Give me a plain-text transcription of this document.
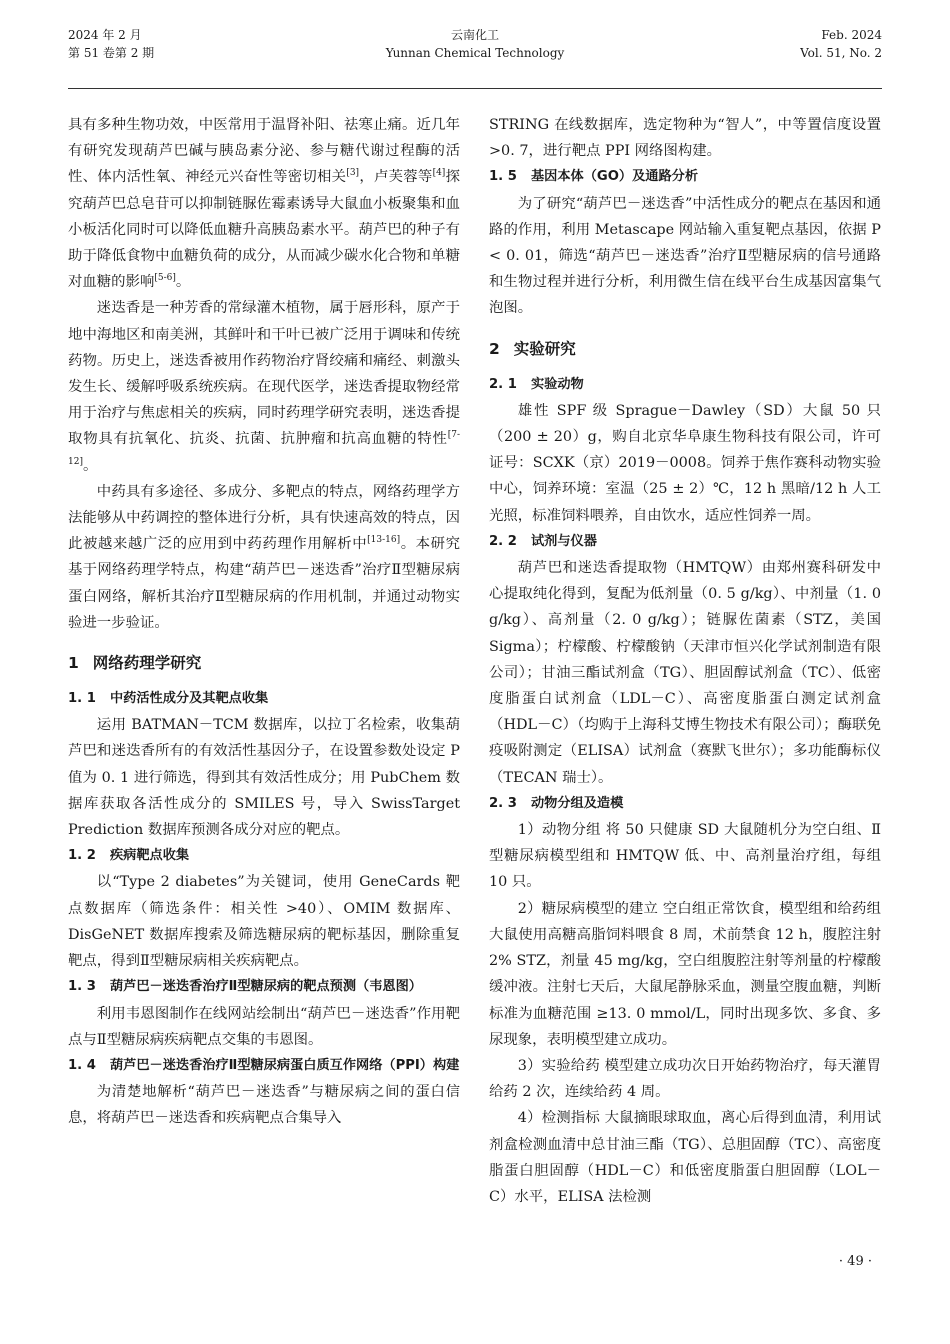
2024 年 2 月
第 51 卷第 2 期
云南化工
Yunnan Chemical Technology
Feb. 2024
Vol. 51, No. 2

具有多种生物功效，中医常用于温肾补阳、祛寒止痛。近几年有研究发现葫芦巴碱与胰岛素分泌、参与糖代谢过程酶的活性、体内活性氧、神经元兴奋性等密切相关[3]，卢芙蓉等[4]探究葫芦巴总皂苷可以抑制链脲佐霉素诱导大鼠血小板聚集和血小板活化同时可以降低血糖升高胰岛素水平。葫芦巴的种子有助于降低食物中血糖负荷的成分，从而减少碳水化合物和单糖对血糖的影响[5-6]。

迷迭香是一种芳香的常绿灌木植物，属于唇形科，原产于地中海地区和南美洲，其鲜叶和干叶已被广泛用于调味和传统药物。历史上，迷迭香被用作药物治疗肾绞痛和痛经、刺激头发生长、缓解呼吸系统疾病。在现代医学，迷迭香提取物经常用于治疗与焦虑相关的疾病，同时药理学研究表明，迷迭香提取物具有抗氧化、抗炎、抗菌、抗肿瘤和抗高血糖的特性[7-12]。

中药具有多途径、多成分、多靶点的特点，网络药理学方法能够从中药调控的整体进行分析，具有快速高效的特点，因此被越来越广泛的应用到中药药理作用解析中[13-16]。本研究基于网络药理学特点，构建“葫芦巴－迷迭香”治疗Ⅱ型糖尿病蛋白网络，解析其治疗Ⅱ型糖尿病的作用机制，并通过动物实验进一步验证。

1 网络药理学研究
1. 1 中药活性成分及其靶点收集

运用 BATMAN－TCM 数据库，以拉丁名检索，收集葫芦巴和迷迭香所有的有效活性基因分子，在设置参数处设定 P 值为 0. 1 进行筛选，得到其有效活性成分；用 PubChem 数据库获取各活性成分的 SMILES 号，导入 SwissTarget Prediction 数据库预测各成分对应的靶点。

1. 2 疾病靶点收集

以“Type 2 diabetes”为关键词，使用 GeneCards 靶点数据库（筛选条件：相关性 >40）、OMIM 数据库、DisGeNET 数据库搜索及筛选糖尿病的靶标基因，删除重复靶点，得到Ⅱ型糖尿病相关疾病靶点。

1. 3 葫芦巴－迷迭香治疗Ⅱ型糖尿病的靶点预测（韦恩图）

利用韦恩图制作在线网站绘制出“葫芦巴－迷迭香”作用靶点与Ⅱ型糖尿病疾病靶点交集的韦恩图。

1. 4 葫芦巴－迷迭香治疗Ⅱ型糖尿病蛋白质互作网络（PPI）构建

为清楚地解析“葫芦巴－迷迭香”与糖尿病之间的蛋白信息，将葫芦巴－迷迭香和疾病靶点合集导入

STRING 在线数据库，选定物种为“智人”，中等置信度设置 >0. 7，进行靶点 PPI 网络图构建。

1. 5 基因本体（GO）及通路分析

为了研究“葫芦巴－迷迭香”中活性成分的靶点在基因和通路的作用，利用 Metascape 网站输入重复靶点基因，依据 P < 0. 01，筛选“葫芦巴－迷迭香”治疗Ⅱ型糖尿病的信号通路和生物过程并进行分析，利用微生信在线平台生成基因富集气泡图。

2 实验研究
2. 1 实验动物

雄性 SPF 级 Sprague－Dawley（SD）大鼠 50 只（200 ± 20）g，购自北京华阜康生物科技有限公司，许可证号：SCXK（京）2019－0008。饲养于焦作赛科动物实验中心，饲养环境：室温（25 ± 2）℃，12 h 黑暗/12 h 人工光照，标准饲料喂养，自由饮水，适应性饲养一周。

2. 2 试剂与仪器

葫芦巴和迷迭香提取物（HMTQW）由郑州赛科研发中心提取纯化得到，复配为低剂量（0. 5 g/kg）、中剂量（1. 0 g/kg）、高剂量（2. 0 g/kg）；链脲佐菌素（STZ，美国 Sigma）；柠檬酸、柠檬酸钠（天津市恒兴化学试剂制造有限公司）；甘油三酯试剂盒（TG）、胆固醇试剂盒（TC）、低密度脂蛋白试剂盒（LDL－C）、高密度脂蛋白测定试剂盒（HDL－C）（均购于上海科艾博生物技术有限公司）；酶联免疫吸附测定（ELISA）试剂盒（赛默飞世尔）；多功能酶标仪（TECAN 瑞士）。

2. 3 动物分组及造模

1）动物分组 将 50 只健康 SD 大鼠随机分为空白组、Ⅱ型糖尿病模型组和 HMTQW 低、中、高剂量治疗组，每组 10 只。

2）糖尿病模型的建立 空白组正常饮食，模型组和给药组大鼠使用高糖高脂饲料喂食 8 周，术前禁食 12 h，腹腔注射 2% STZ，剂量 45 mg/kg，空白组腹腔注射等剂量的柠檬酸缓冲液。注射七天后，大鼠尾静脉采血，测量空腹血糖，判断标准为血糖范围 ≥13. 0 mmol/L，同时出现多饮、多食、多尿现象，表明模型建立成功。

3）实验给药 模型建立成功次日开始药物治疗，每天灌胃给药 2 次，连续给药 4 周。

4）检测指标 大鼠摘眼球取血，离心后得到血清，利用试剂盒检测血清中总甘油三酯（TG）、总胆固醇（TC）、高密度脂蛋白胆固醇（HDL－C）和低密度脂蛋白胆固醇（LOL－C）水平，ELISA 法检测

· 49 ·
